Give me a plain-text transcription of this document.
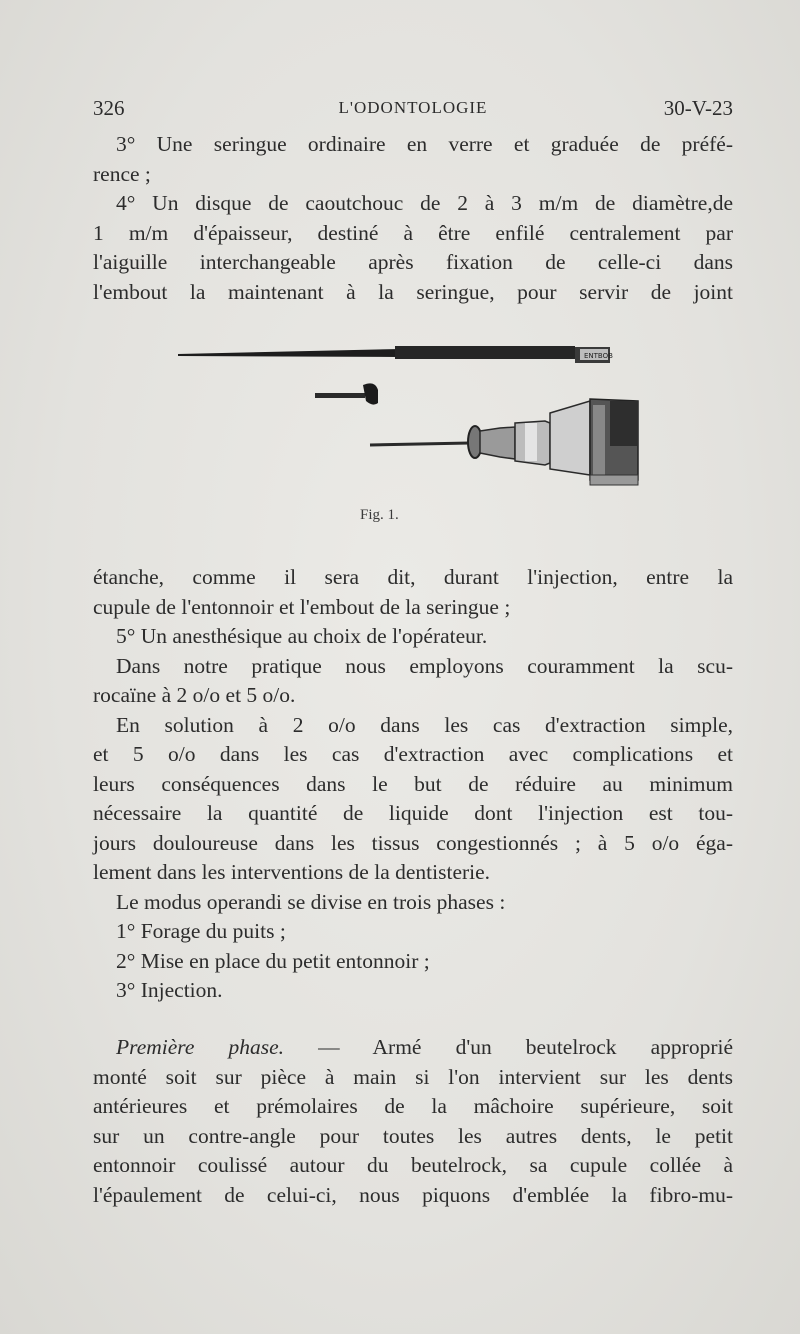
326	L'ODONTOLOGIE	30-V-23
3° Une seringue ordinaire en verre et graduée de préfé-
rence ;
4° Un disque de caoutchouc de 2 à 3 m/m de diamètre,de
1 m/m d'épaisseur, destiné à être enfilé centralement par
l'aiguille interchangeable après fixation de celle-ci dans
l'embout la maintenant à la seringue, pour servir de joint
ENTBOB
Fig. 1.
étanche, comme il sera dit, durant l'injection, entre la
cupule de l'entonnoir et l'embout de la seringue ;
5° Un anesthésique au choix de l'opérateur.
Dans notre pratique nous employons couramment la scu-
rocaïne à 2 o/o et 5 o/o.
En solution à 2 o/o dans les cas d'extraction simple,
et 5 o/o dans les cas d'extraction avec complications et
leurs conséquences dans le but de réduire au minimum
nécessaire la quantité de liquide dont l'injection est tou-
jours douloureuse dans les tissus congestionnés ; à 5 o/o éga-
lement dans les interventions de la dentisterie.
Le modus operandi se divise en trois phases :
1° Forage du puits ;
2° Mise en place du petit entonnoir ;
3° Injection.
Première phase. — Armé d'un beutelrock approprié
monté soit sur pièce à main si l'on intervient sur les dents
antérieures et prémolaires de la mâchoire supérieure, soit
sur un contre-angle pour toutes les autres dents, le petit
entonnoir coulissé autour du beutelrock, sa cupule collée à
l'épaulement de celui-ci, nous piquons d'emblée la fibro-mu-
